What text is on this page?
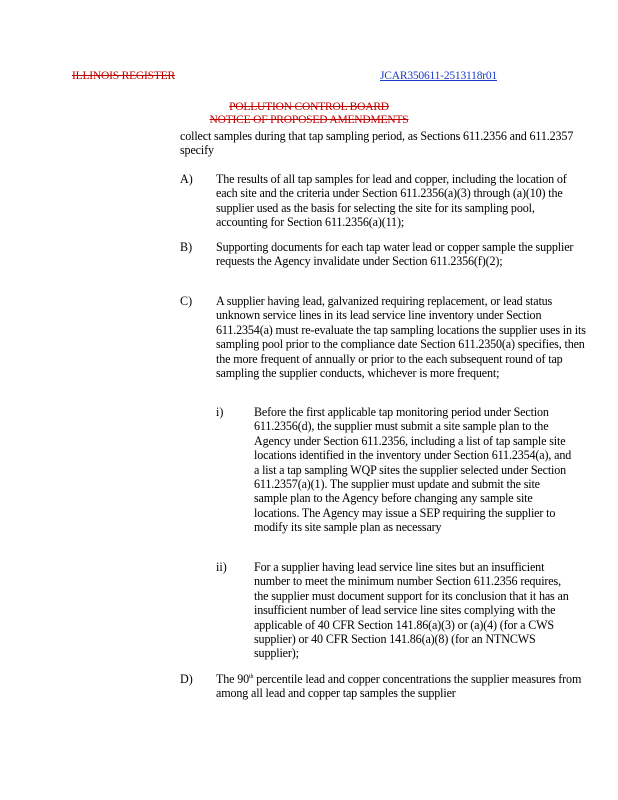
ILLINOIS REGISTER	JCAR350611-2513118r01
POLLUTION CONTROL BOARD
NOTICE OF PROPOSED AMENDMENTS
collect samples during that tap sampling period, as Sections 611.2356 and 611.2357 specify
A) The results of all tap samples for lead and copper, including the location of each site and the criteria under Section 611.2356(a)(3) through (a)(10) the supplier used as the basis for selecting the site for its sampling pool, accounting for Section 611.2356(a)(11);
B) Supporting documents for each tap water lead or copper sample the supplier requests the Agency invalidate under Section 611.2356(f)(2);
C) A supplier having lead, galvanized requiring replacement, or lead status unknown service lines in its lead service line inventory under Section 611.2354(a) must re-evaluate the tap sampling locations the supplier uses in its sampling pool prior to the compliance date Section 611.2350(a) specifies, then the more frequent of annually or prior to the each subsequent round of tap sampling the supplier conducts, whichever is more frequent;
i)	Before the first applicable tap monitoring period under Section 611.2356(d), the supplier must submit a site sample plan to the Agency under Section 611.2356, including a list of tap sample site locations identified in the inventory under Section 611.2354(a), and a list a tap sampling WQP sites the supplier selected under Section 611.2357(a)(1). The supplier must update and submit the site sample plan to the Agency before changing any sample site locations. The Agency may issue a SEP requiring the supplier to modify its site sample plan as necessary
ii) For a supplier having lead service line sites but an insufficient number to meet the minimum number Section 611.2356 requires, the supplier must document support for its conclusion that it has an insufficient number of lead service line sites complying with the applicable of 40 CFR Section 141.86(a)(3) or (a)(4) (for a CWS supplier) or 40 CFR Section 141.86(a)(8) (for an NTNCWS supplier);
D) The 90th percentile lead and copper concentrations the supplier measures from among all lead and copper tap samples the supplier
